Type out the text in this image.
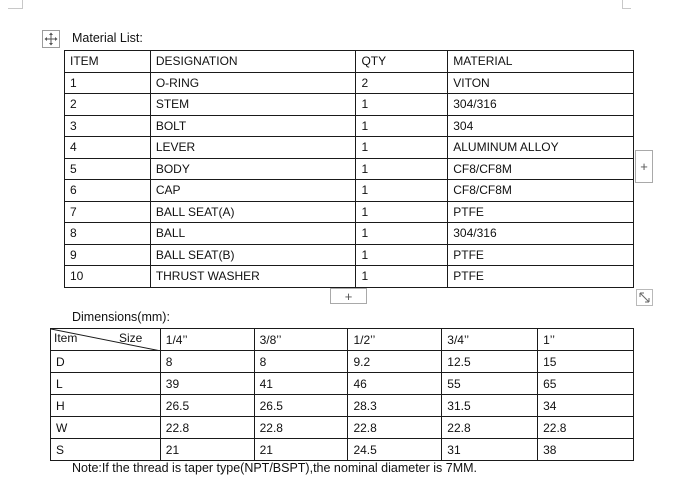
Material List:
ITEM	DESIGNATION	QTY	MATERIAL
1	O-RING	2	VITON
2	STEM	1	304/316
3	BOLT	1	304
4	LEVER	1	ALUMINUM ALLOY
5	BODY	1	CF8/CF8M
6	CAP	1	CF8/CF8M
7	BALL SEAT(A)	1	PTFE
8	BALL	1	304/316
9	BALL SEAT(B)	1	PTFE
10	THRUST WASHER	1	PTFE
+
+
Dimensions(mm):
Item Size	1/4’’	3/8’’	1/2’’	3/4’’	1’’
D	8	8	9.2	12.5	15
L	39	41	46	55	65
H	26.5	26.5	28.3	31.5	34
W	22.8	22.8	22.8	22.8	22.8
S	21	21	24.5	31	38
Note:If the thread is taper type(NPT/BSPT),the nominal diameter is 7MM.
